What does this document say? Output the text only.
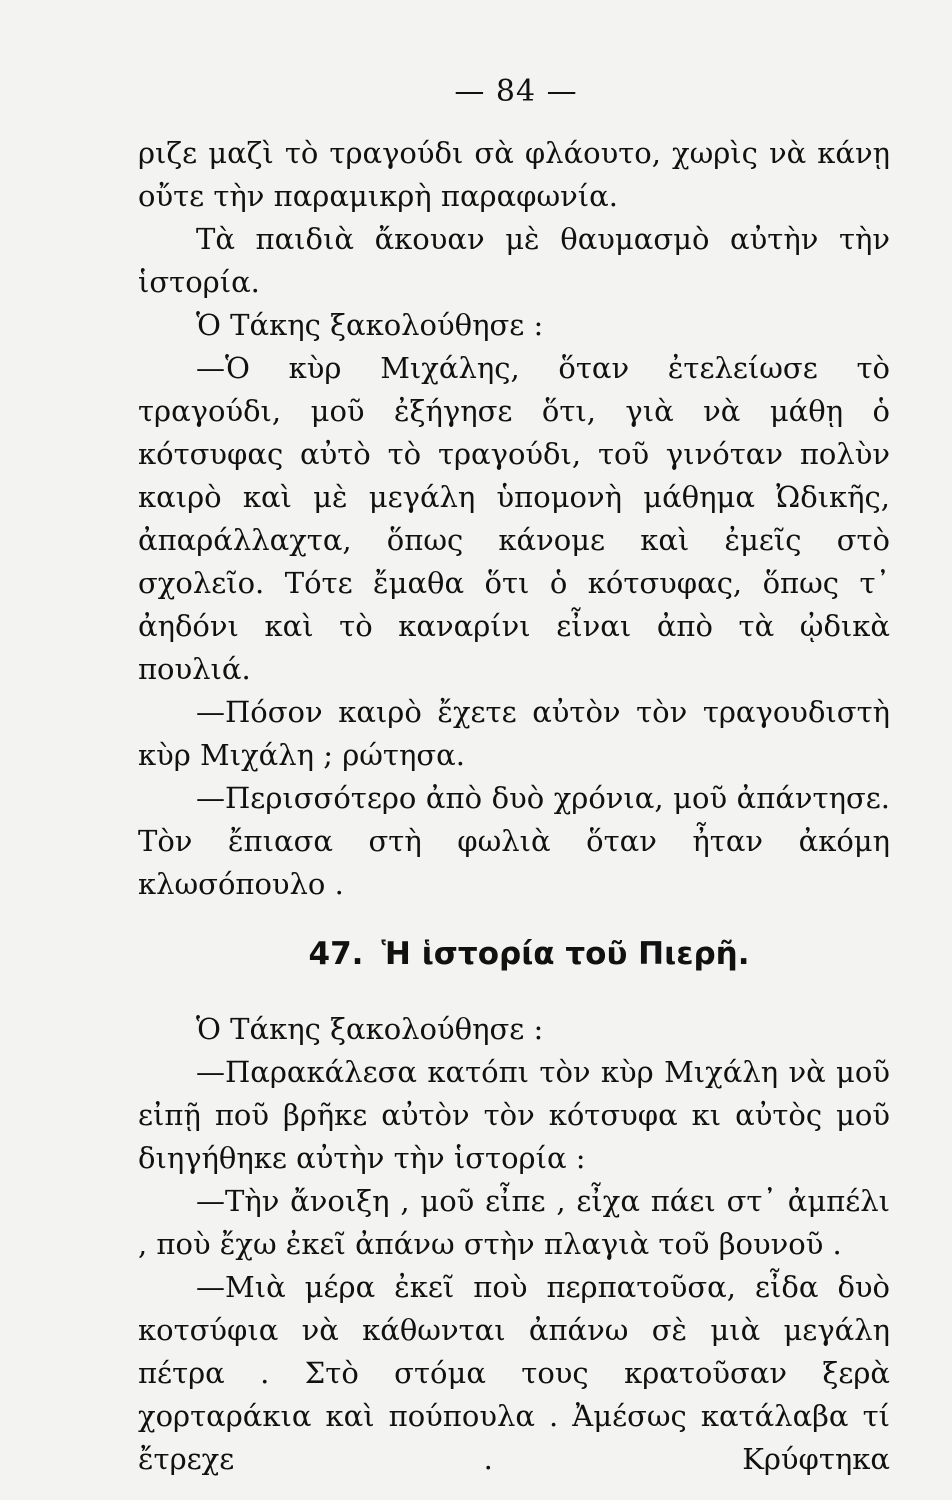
— 84 —

ριζε μαζὶ τὸ τραγούδι σὰ φλάουτο, χωρὶς νὰ κάνῃ οὔτε τὴν παραμικρὴ παραφωνία.

Τὰ παιδιὰ ἄκουαν μὲ θαυμασμὸ αὐτὴν τὴν ἱστορία.

Ὁ Τάκης ξακολούθησε :

—Ὁ κὺρ Μιχάλης, ὅταν ἐτελείωσε τὸ τραγούδι, μοῦ ἐξήγησε ὅτι, γιὰ νὰ μάθῃ ὁ κότσυφας αὐτὸ τὸ τραγούδι, τοῦ γινόταν πολὺν καιρὸ καὶ μὲ μεγάλη ὑπομονὴ μάθημα Ὠδικῆς, ἀπαράλλαχτα, ὅπως κάνομε καὶ ἐμεῖς στὸ σχολεῖο. Τότε ἔμαθα ὅτι ὁ κότσυφας, ὅπως τ᾽ ἀηδόνι καὶ τὸ καναρίνι εἶναι ἀπὸ τὰ ᾠδικὰ πουλιά.

—Πόσον καιρὸ ἔχετε αὐτὸν τὸν τραγουδιστὴ κὺρ Μιχάλη ; ρώτησα.

—Περισσότερο ἀπὸ δυὸ χρόνια, μοῦ ἀπάντησε. Τὸν ἔπιασα στὴ φωλιὰ ὅταν ἦταν ἀκόμη κλωσόπουλο .

47. Ἡ ἱστορία τοῦ Πιερῆ.

Ὁ Τάκης ξακολούθησε :

—Παρακάλεσα κατόπι τὸν κὺρ Μιχάλη νὰ μοῦ εἰπῇ ποῦ βρῆκε αὐτὸν τὸν κότσυφα κι αὐτὸς μοῦ διηγήθηκε αὐτὴν τὴν ἱστορία :

—Τὴν ἄνοιξη , μοῦ εἶπε , εἶχα πάει στ᾽ ἀμπέλι , ποὺ ἔχω ἐκεῖ ἀπάνω στὴν πλαγιὰ τοῦ βουνοῦ .

—Μιὰ μέρα ἐκεῖ ποὺ περπατοῦσα, εἶδα δυὸ κοτσύφια νὰ κάθωνται ἀπάνω σὲ μιὰ μεγάλη πέτρα . Στὸ στόμα τους κρατοῦσαν ξερὰ χορταράκια καὶ πούπουλα . Ἀμέσως κατάλαβα τί ἔτρεχε . Κρύφτηκα
